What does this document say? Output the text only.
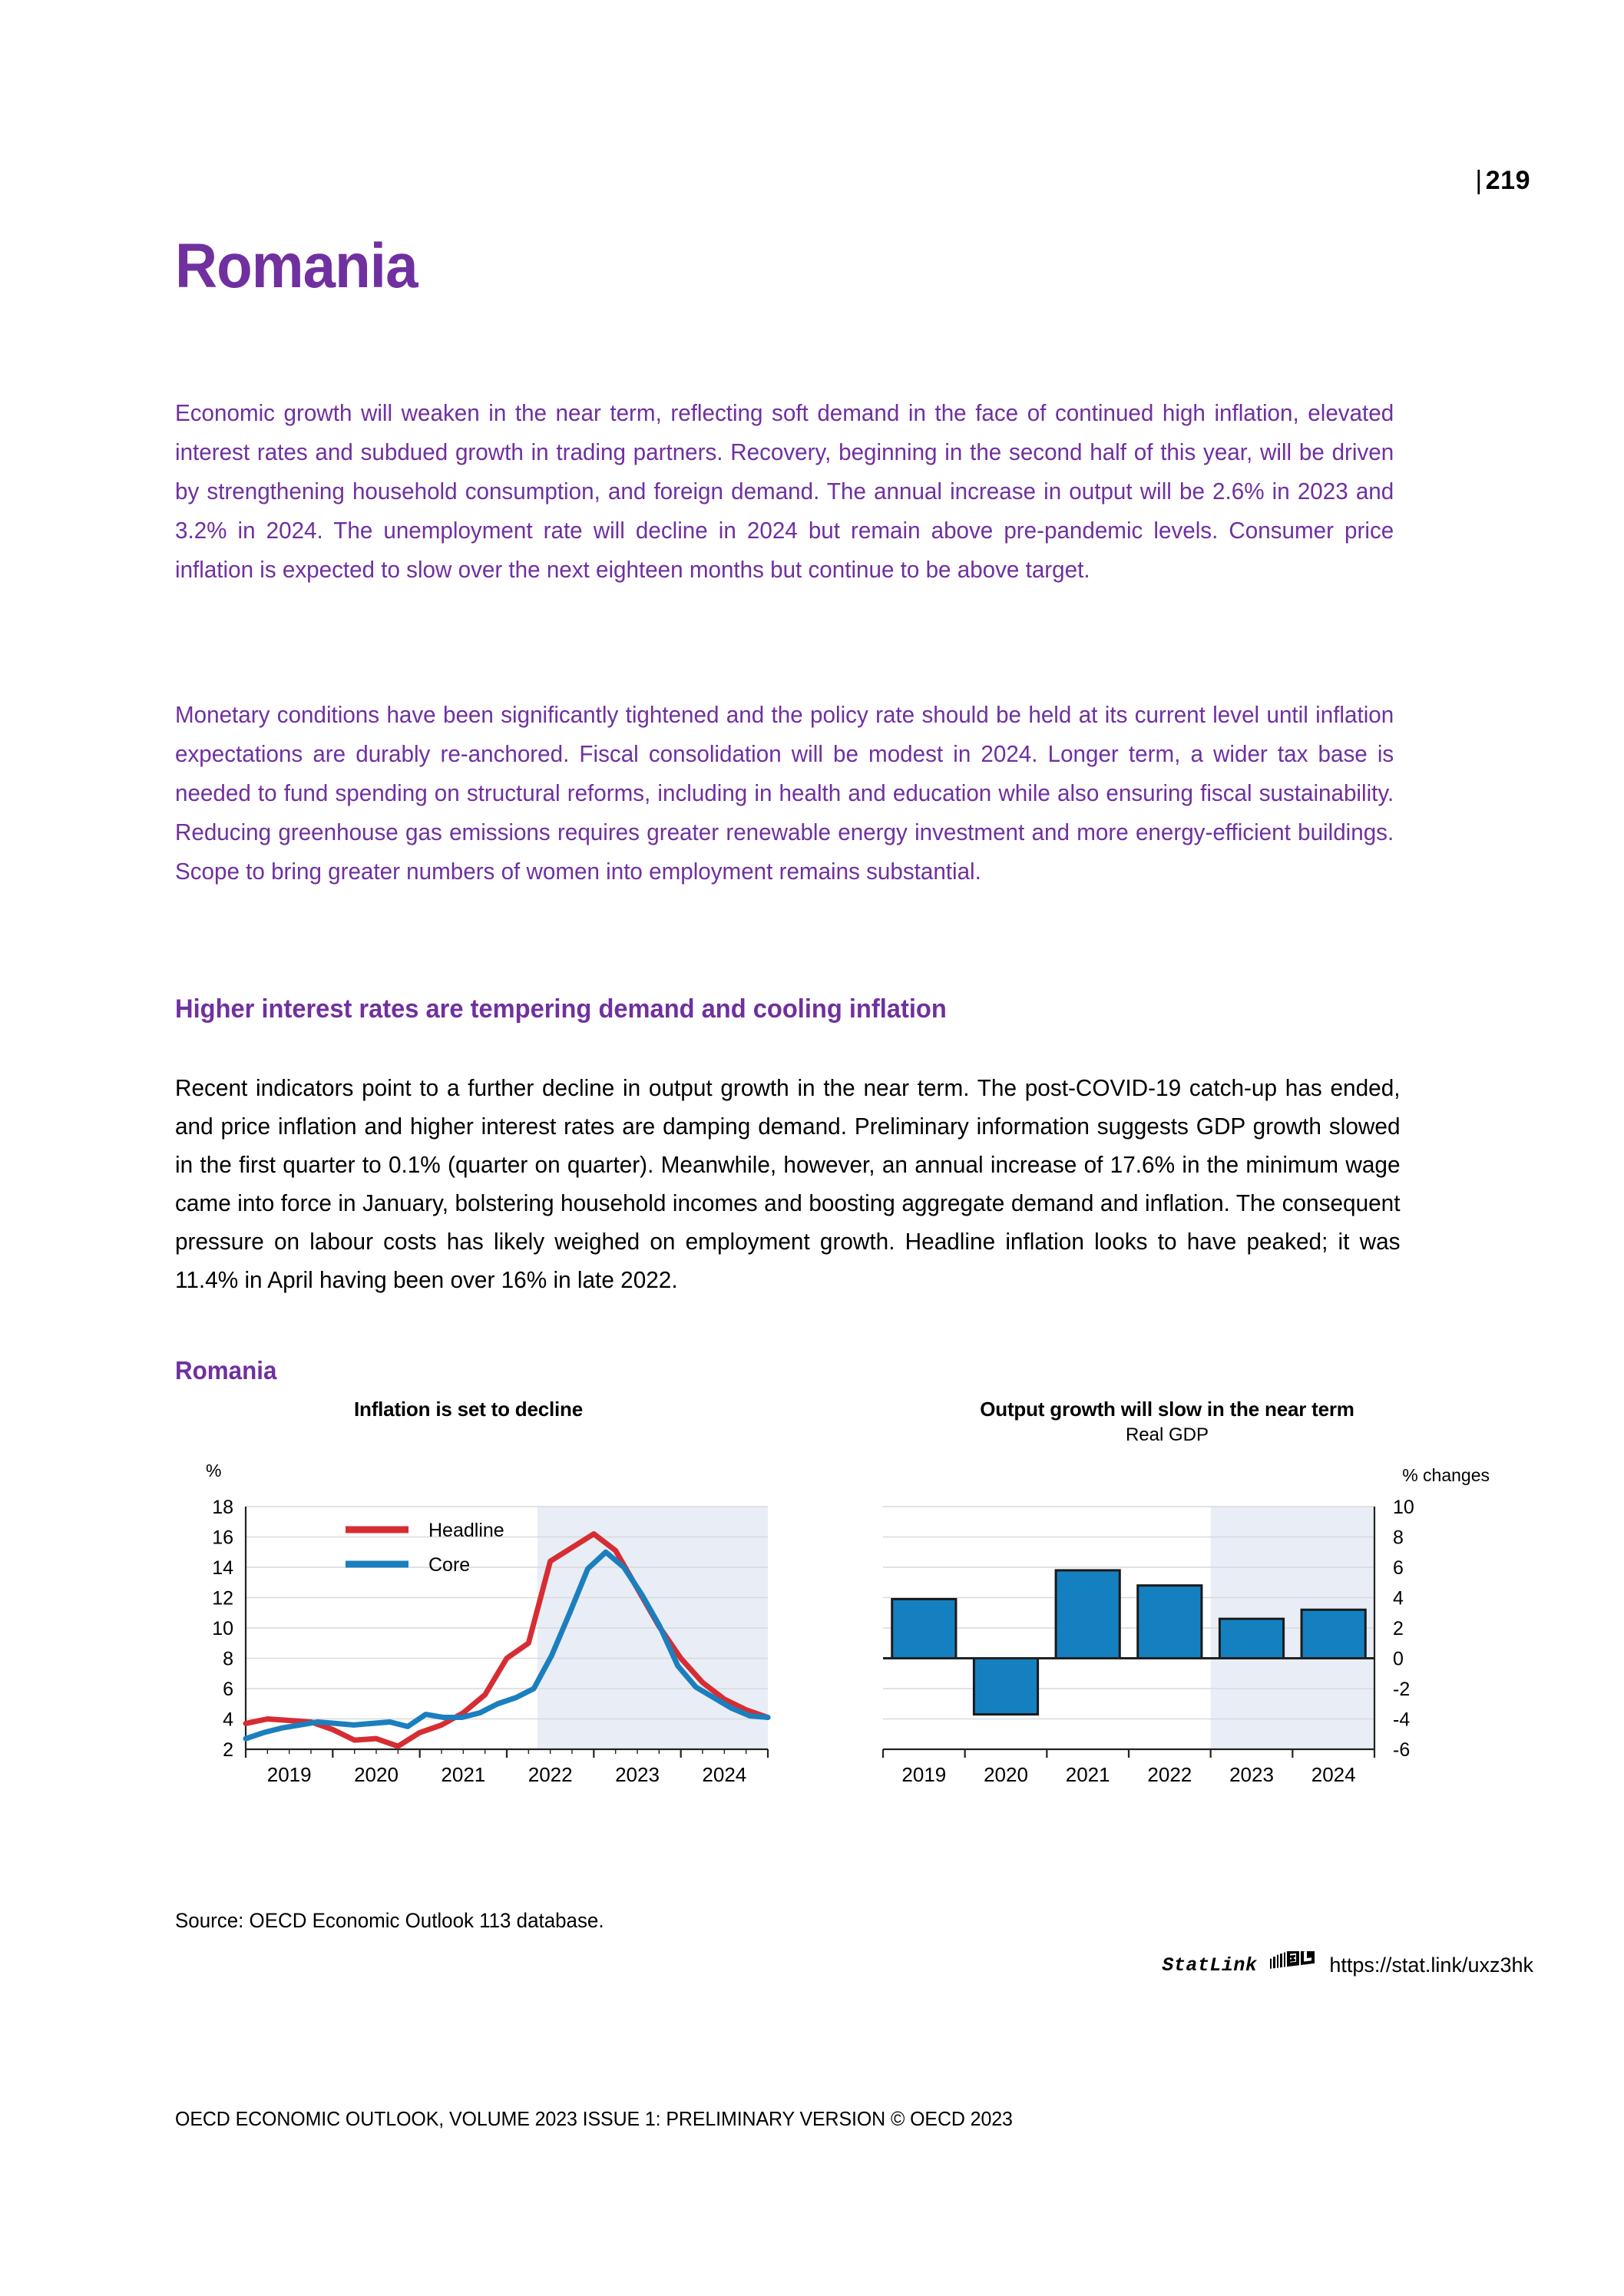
| 219
Romania
Economic growth will weaken in the near term, reflecting soft demand in the face of continued high inflation, elevated interest rates and subdued growth in trading partners. Recovery, beginning in the second half of this year, will be driven by strengthening household consumption, and foreign demand. The annual increase in output will be 2.6% in 2023 and 3.2% in 2024. The unemployment rate will decline in 2024 but remain above pre-pandemic levels. Consumer price inflation is expected to slow over the next eighteen months but continue to be above target.
Monetary conditions have been significantly tightened and the policy rate should be held at its current level until inflation expectations are durably re-anchored. Fiscal consolidation will be modest in 2024. Longer term, a wider tax base is needed to fund spending on structural reforms, including in health and education while also ensuring fiscal sustainability. Reducing greenhouse gas emissions requires greater renewable energy investment and more energy-efficient buildings. Scope to bring greater numbers of women into employment remains substantial.
Higher interest rates are tempering demand and cooling inflation
Recent indicators point to a further decline in output growth in the near term. The post-COVID-19 catch-up has ended, and price inflation and higher interest rates are damping demand. Preliminary information suggests GDP growth slowed in the first quarter to 0.1% (quarter on quarter). Meanwhile, however, an annual increase of 17.6% in the minimum wage came into force in January, bolstering household incomes and boosting aggregate demand and inflation. The consequent pressure on labour costs has likely weighed on employment growth. Headline inflation looks to have peaked; it was 11.4% in April having been over 16% in late 2022.
Romania
Inflation is set to decline
%
2
4
6
8
10
12
14
16
18
2019 2020 2021 2022 2023 2024
Headline
Core
Output growth will slow in the near term
Real GDP
% changes
10
8
6
4
2
0
-2
-4
-6
2019 2020 2021 2022 2023 2024
Source: OECD Economic Outlook 113 database.
StatLink	https://stat.link/uxz3hk
OECD ECONOMIC OUTLOOK, VOLUME 2023 ISSUE 1: PRELIMINARY VERSION © OECD 2023
